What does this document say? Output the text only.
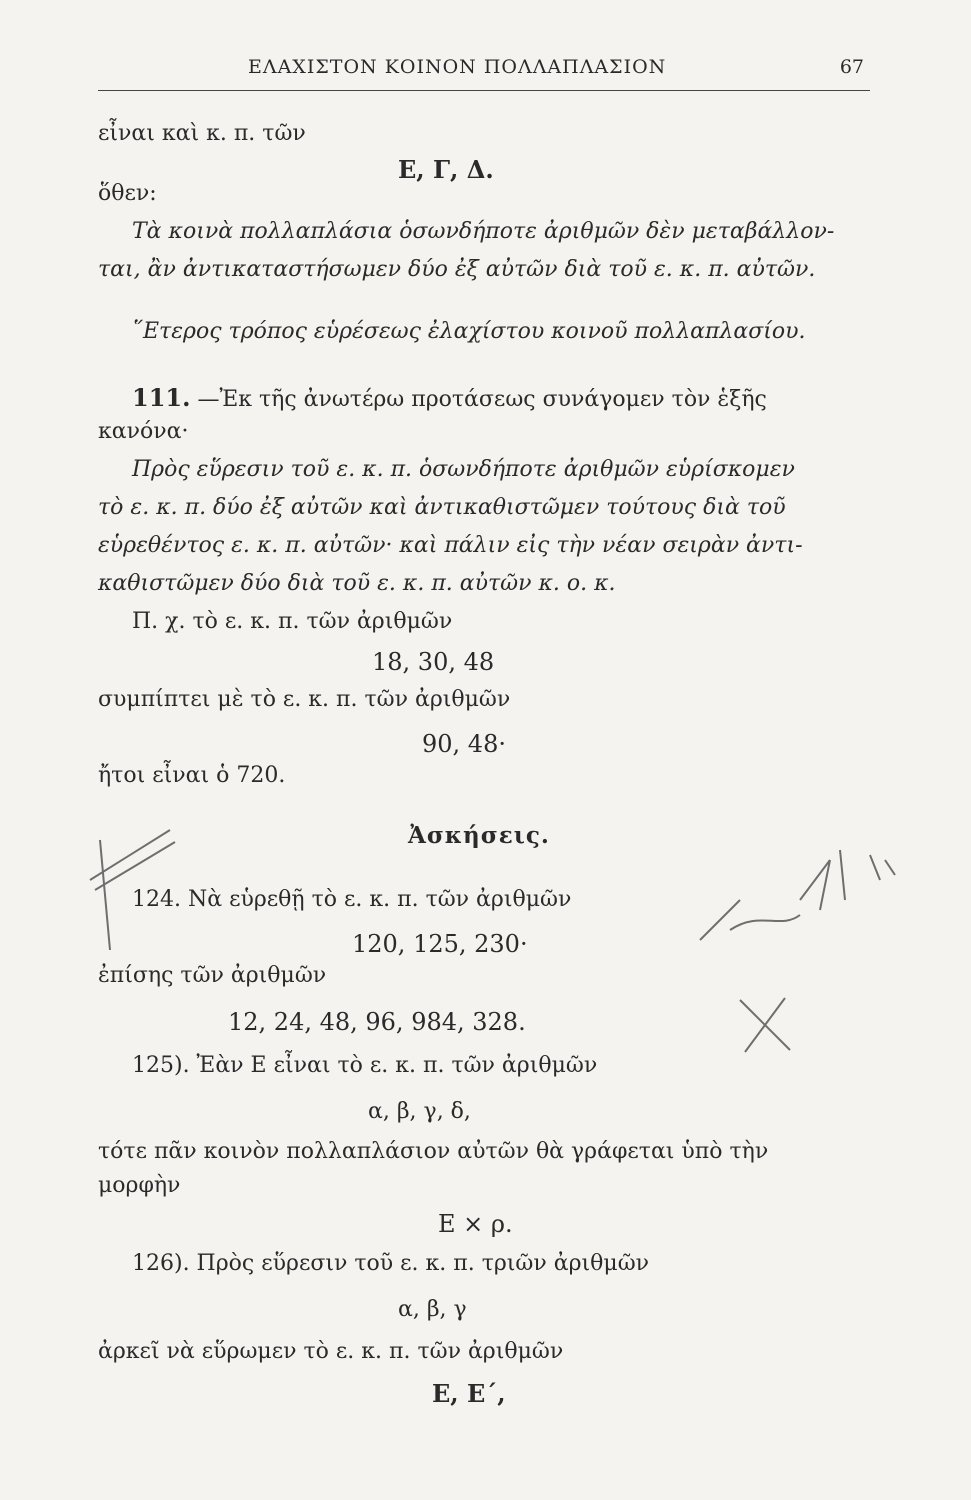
ΕΛΑΧΙΣΤΟΝ ΚΟΙΝΟΝ ΠΟΛΛΑΠΛΑΣΙΟΝ	67
εἶναι καὶ κ. π. τῶν
Ε, Γ, Δ.
ὅθεν:
Τὰ κοινὰ πολλαπλάσια ὁσωνδήποτε ἀριθμῶν δὲν μεταβάλλον-
ται, ἂν ἀντικαταστήσωμεν δύο ἐξ αὐτῶν διὰ τοῦ ε. κ. π. αὐτῶν.
῞Ετερος τρόπος εὑρέσεως ἐλαχίστου κοινοῦ πολλαπλασίου.
111. —Ἐκ τῆς ἀνωτέρω προτάσεως συνάγομεν τὸν ἑξῆς
κανόνα·
Πρὸς εὕρεσιν τοῦ ε. κ. π. ὁσωνδήποτε ἀριθμῶν εὑρίσκομεν
τὸ ε. κ. π. δύο ἐξ αὐτῶν καὶ ἀντικαθιστῶμεν τούτους διὰ τοῦ
εὑρεθέντος ε. κ. π. αὐτῶν· καὶ πάλιν εἰς τὴν νέαν σειρὰν ἀντι-
καθιστῶμεν δύο διὰ τοῦ ε. κ. π. αὐτῶν κ. ο. κ.
Π. χ. τὸ ε. κ. π. τῶν ἀριθμῶν
18, 30, 48
συμπίπτει μὲ τὸ ε. κ. π. τῶν ἀριθμῶν
90, 48·
ἤτοι εἶναι ὁ 720.
Ἀσκήσεις.
124. Νὰ εὑρεθῇ τὸ ε. κ. π. τῶν ἀριθμῶν
120, 125, 230·
ἐπίσης τῶν ἀριθμῶν
12, 24, 48, 96, 984, 328.
125). Ἐὰν Ε εἶναι τὸ ε. κ. π. τῶν ἀριθμῶν
α, β, γ, δ,
τότε πᾶν κοινὸν πολλαπλάσιον αὐτῶν θὰ γράφεται ὑπὸ τὴν
μορφὴν
Ε × ρ.
126). Πρὸς εὕρεσιν τοῦ ε. κ. π. τριῶν ἀριθμῶν
α, β, γ
ἀρκεῖ νὰ εὕρωμεν τὸ ε. κ. π. τῶν ἀριθμῶν
Ε, Ε΄,
